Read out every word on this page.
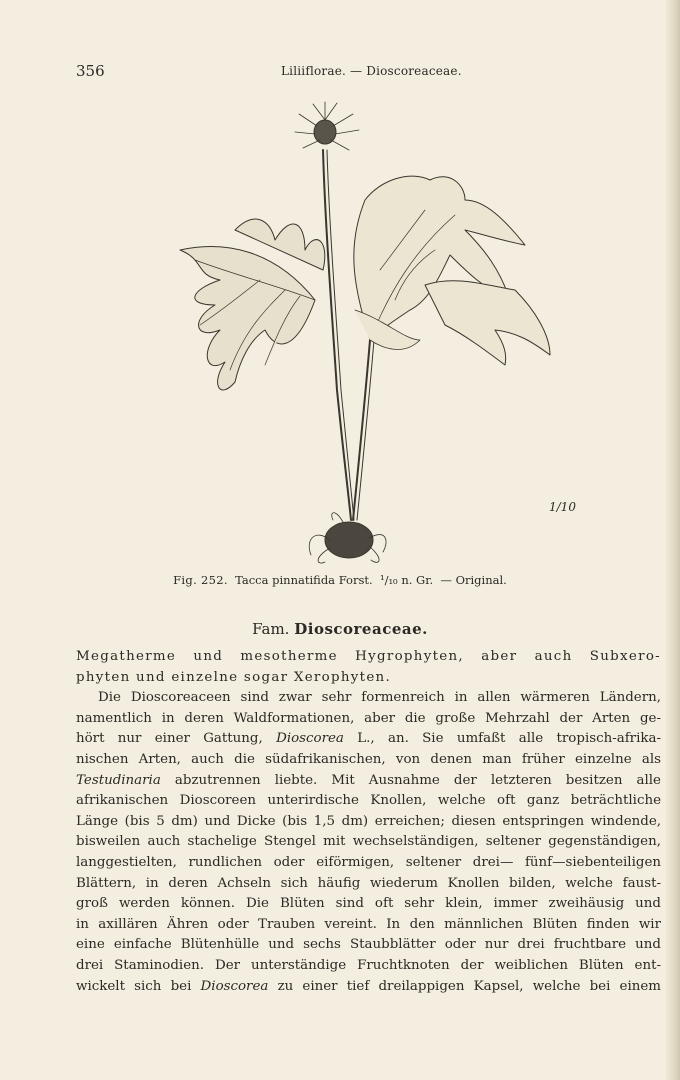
356	Liliiflorae. — Dioscoreaceae.
1/10
Fig. 252. Tacca pinnatifida Forst. ¹/₁₀ n. Gr. — Original.
Fam. Dioscoreaceae.
Megatherme und mesotherme Hygrophyten, aber auch Subxero-
phyten und einzelne sogar Xerophyten.
Die Dioscoreaceen sind zwar sehr formenreich in allen wärmeren Ländern,
namentlich in deren Waldformationen, aber die große Mehrzahl der Arten ge-
hört nur einer Gattung, Dioscorea L., an. Sie umfaßt alle tropisch-afrika-
nischen Arten, auch die südafrikanischen, von denen man früher einzelne als
Testudinaria abzutrennen liebte. Mit Ausnahme der letzteren besitzen alle
afrikanischen Dioscoreen unterirdische Knollen, welche oft ganz beträchtliche
Länge (bis 5 dm) und Dicke (bis 1,5 dm) erreichen; diesen entspringen windende,
bisweilen auch stachelige Stengel mit wechselständigen, seltener gegenständigen,
langgestielten, rundlichen oder eiförmigen, seltener drei— fünf—siebenteiligen
Blättern, in deren Achseln sich häufig wiederum Knollen bilden, welche faust-
groß werden können. Die Blüten sind oft sehr klein, immer zweihäusig und
in axillären Ähren oder Trauben vereint. In den männlichen Blüten finden wir
eine einfache Blütenhülle und sechs Staubblätter oder nur drei fruchtbare und
drei Staminodien. Der unterständige Fruchtknoten der weiblichen Blüten ent-
wickelt sich bei Dioscorea zu einer tief dreilappigen Kapsel, welche bei einem
